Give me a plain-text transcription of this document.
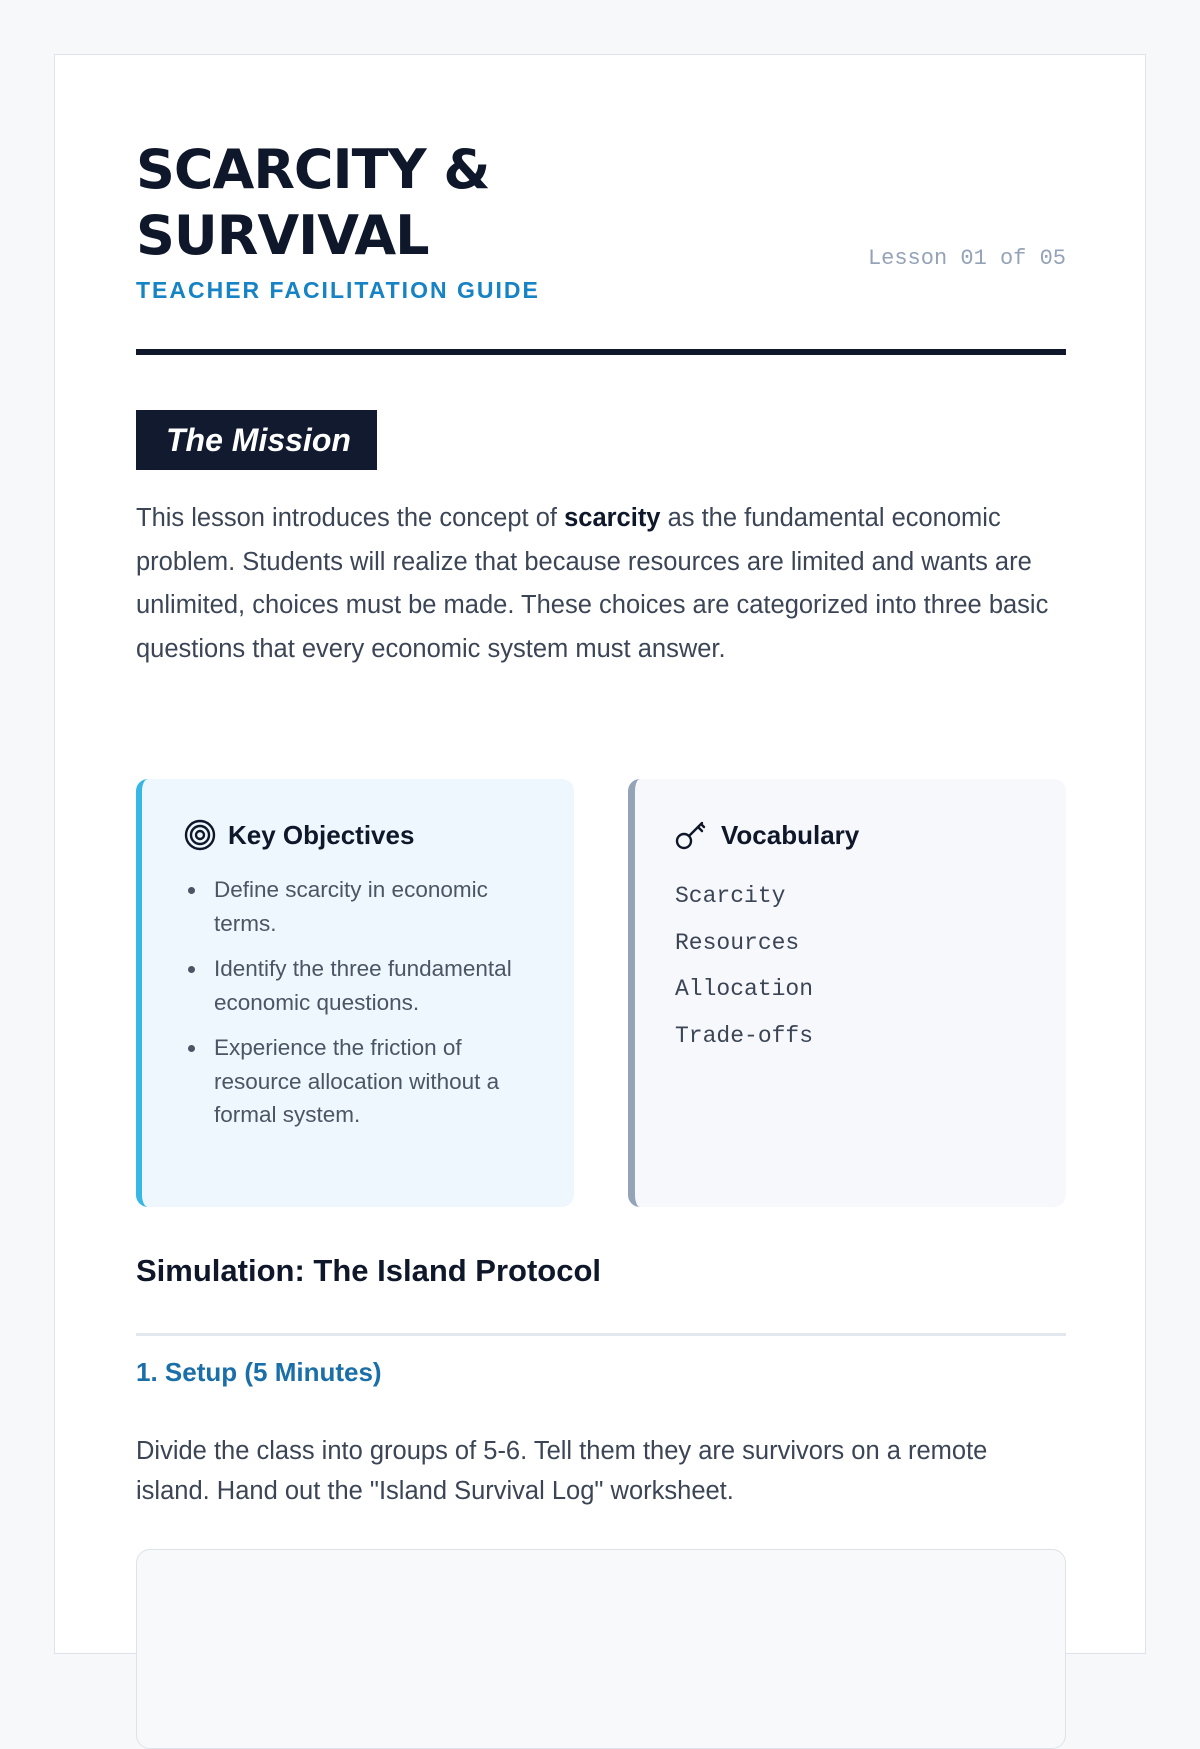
SCARCITY & SURVIVAL
TEACHER FACILITATION GUIDE
Lesson 01 of 05
The Mission

This lesson introduces the concept of scarcity as the fundamental economic problem. Students will realize that because resources are limited and wants are unlimited, choices must be made. These choices are categorized into three basic questions that every economic system must answer.

Key Objectives
Define scarcity in economic terms.
Identify the three fundamental economic questions.
Experience the friction of resource allocation without a formal system.
Vocabulary
Scarcity
Resources
Allocation
Trade-offs
Simulation: The Island Protocol
1. Setup (5 Minutes)

Divide the class into groups of 5-6. Tell them they are survivors on a remote island. Hand out the "Island Survival Log" worksheet.
